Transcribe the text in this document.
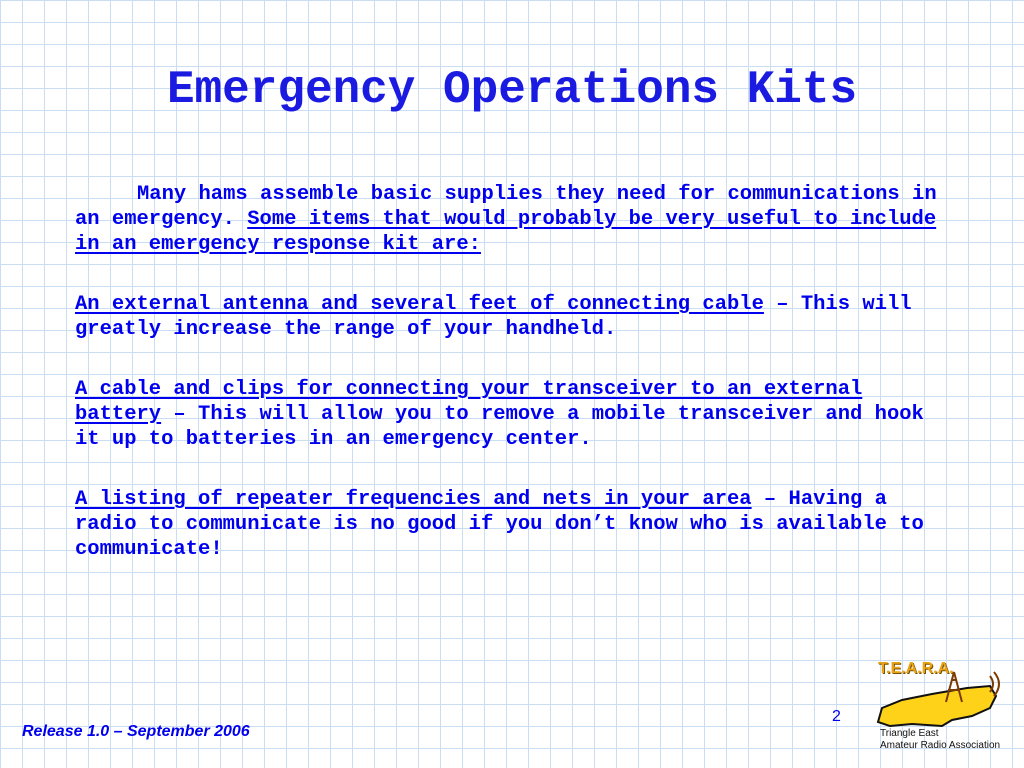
Emergency Operations Kits

Many hams assemble basic supplies they need for communications in an emergency. Some items that would probably be very useful to include in an emergency response kit are:

An external antenna and several feet of connecting cable – This will greatly increase the range of your handheld.

A cable and clips for connecting your transceiver to an external battery – This will allow you to remove a mobile transceiver and hook it up to batteries in an emergency center.

A listing of repeater frequencies and nets in your area – Having a radio to communicate is no good if you don’t know who is available to communicate!

Release 1.0 – September 2006
2
T.E.A.R.A.
Triangle East
Amateur Radio Association
